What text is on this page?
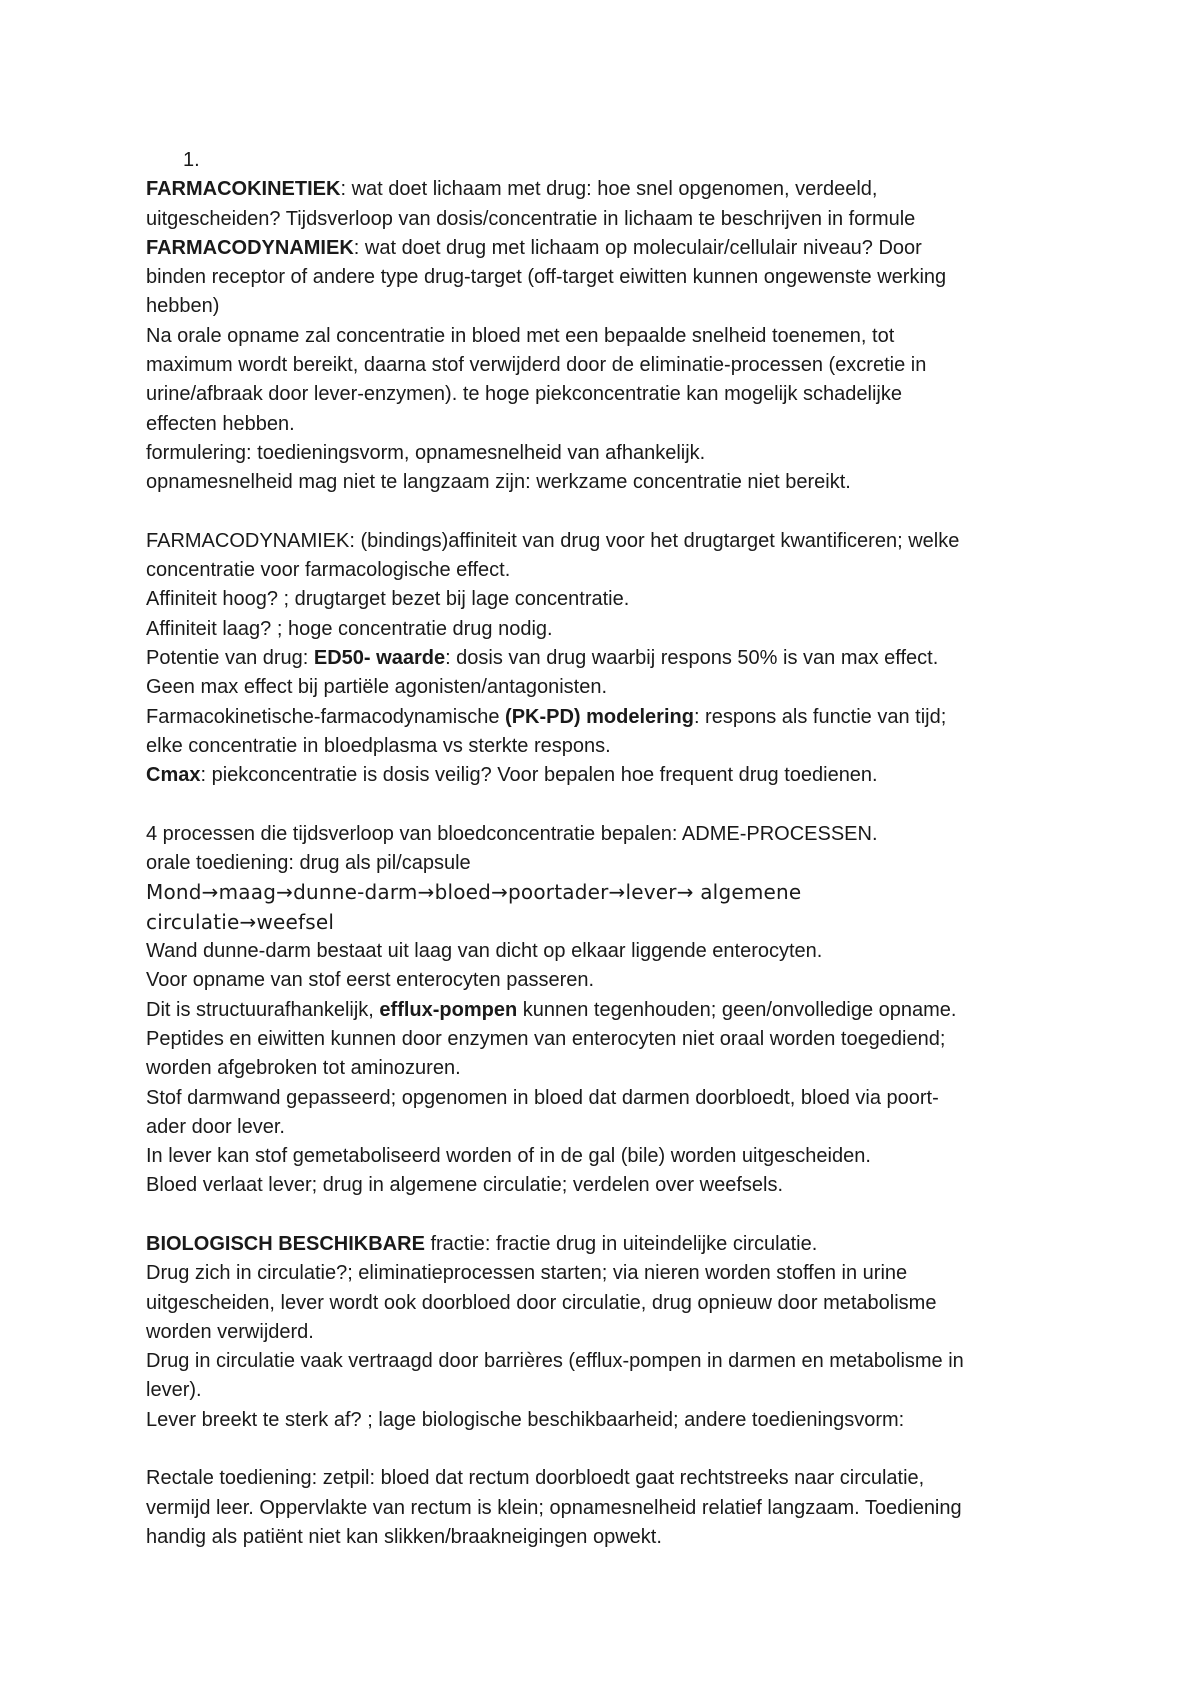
1.
FARMACOKINETIEK: wat doet lichaam met drug: hoe snel opgenomen, verdeeld,
uitgescheiden? Tijdsverloop van dosis/concentratie in lichaam te beschrijven in formule
FARMACODYNAMIEK: wat doet drug met lichaam op moleculair/cellulair niveau? Door
binden receptor of andere type drug-target (off-target eiwitten kunnen ongewenste werking
hebben)
Na orale opname zal concentratie in bloed met een bepaalde snelheid toenemen, tot
maximum wordt bereikt, daarna stof verwijderd door de eliminatie-processen (excretie in
urine/afbraak door lever-enzymen). te hoge piekconcentratie kan mogelijk schadelijke
effecten hebben.
formulering: toedieningsvorm, opnamesnelheid van afhankelijk.
opnamesnelheid mag niet te langzaam zijn: werkzame concentratie niet bereikt.
FARMACODYNAMIEK: (bindings)affiniteit van drug voor het drugtarget kwantificeren; welke
concentratie voor farmacologische effect.
Affiniteit hoog? ; drugtarget bezet bij lage concentratie.
Affiniteit laag? ; hoge concentratie drug nodig.
Potentie van drug: ED50- waarde: dosis van drug waarbij respons 50% is van max effect.
Geen max effect bij partiële agonisten/antagonisten.
Farmacokinetische-farmacodynamische (PK-PD) modelering: respons als functie van tijd;
elke concentratie in bloedplasma vs sterkte respons.
Cmax: piekconcentratie is dosis veilig? Voor bepalen hoe frequent drug toedienen.
4 processen die tijdsverloop van bloedconcentratie bepalen: ADME-PROCESSEN.
orale toediening: drug als pil/capsule
Mond→maag→dunne-darm→bloed→poortader→lever→ algemene
circulatie→weefsel
Wand dunne-darm bestaat uit laag van dicht op elkaar liggende enterocyten.
Voor opname van stof eerst enterocyten passeren.
Dit is structuurafhankelijk, efflux-pompen kunnen tegenhouden; geen/onvolledige opname.
Peptides en eiwitten kunnen door enzymen van enterocyten niet oraal worden toegediend;
worden afgebroken tot aminozuren.
Stof darmwand gepasseerd; opgenomen in bloed dat darmen doorbloedt, bloed via poort-
ader door lever.
In lever kan stof gemetaboliseerd worden of in de gal (bile) worden uitgescheiden.
Bloed verlaat lever; drug in algemene circulatie; verdelen over weefsels.
BIOLOGISCH BESCHIKBARE fractie: fractie drug in uiteindelijke circulatie.
Drug zich in circulatie?; eliminatieprocessen starten; via nieren worden stoffen in urine
uitgescheiden, lever wordt ook doorbloed door circulatie, drug opnieuw door metabolisme
worden verwijderd.
Drug in circulatie vaak vertraagd door barrières (efflux-pompen in darmen en metabolisme in
lever).
Lever breekt te sterk af? ; lage biologische beschikbaarheid; andere toedieningsvorm:
Rectale toediening: zetpil: bloed dat rectum doorbloedt gaat rechtstreeks naar circulatie,
vermijd leer. Oppervlakte van rectum is klein; opnamesnelheid relatief langzaam. Toediening
handig als patiënt niet kan slikken/braakneigingen opwekt.
